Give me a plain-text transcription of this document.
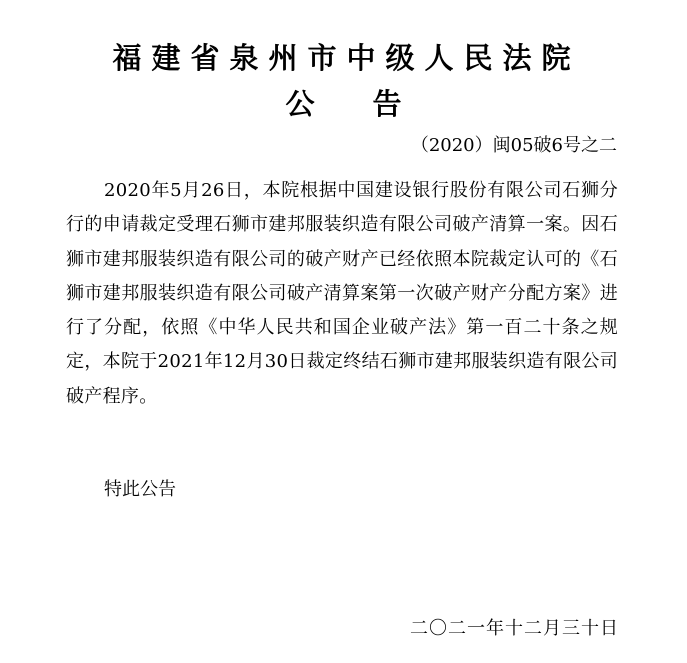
福建省泉州市中级人民法院
公 告
（2020）闽05破6号之二
2020年5月26日，本院根据中国建设银行股份有限公司石狮分行的申请裁定受理石狮市建邦服装织造有限公司破产清算一案。因石狮市建邦服装织造有限公司的破产财产已经依照本院裁定认可的《石狮市建邦服装织造有限公司破产清算案第一次破产财产分配方案》进行了分配，依照《中华人民共和国企业破产法》第一百二十条之规定，本院于2021年12月30日裁定终结石狮市建邦服装织造有限公司破产程序。
特此公告
二〇二一年十二月三十日
